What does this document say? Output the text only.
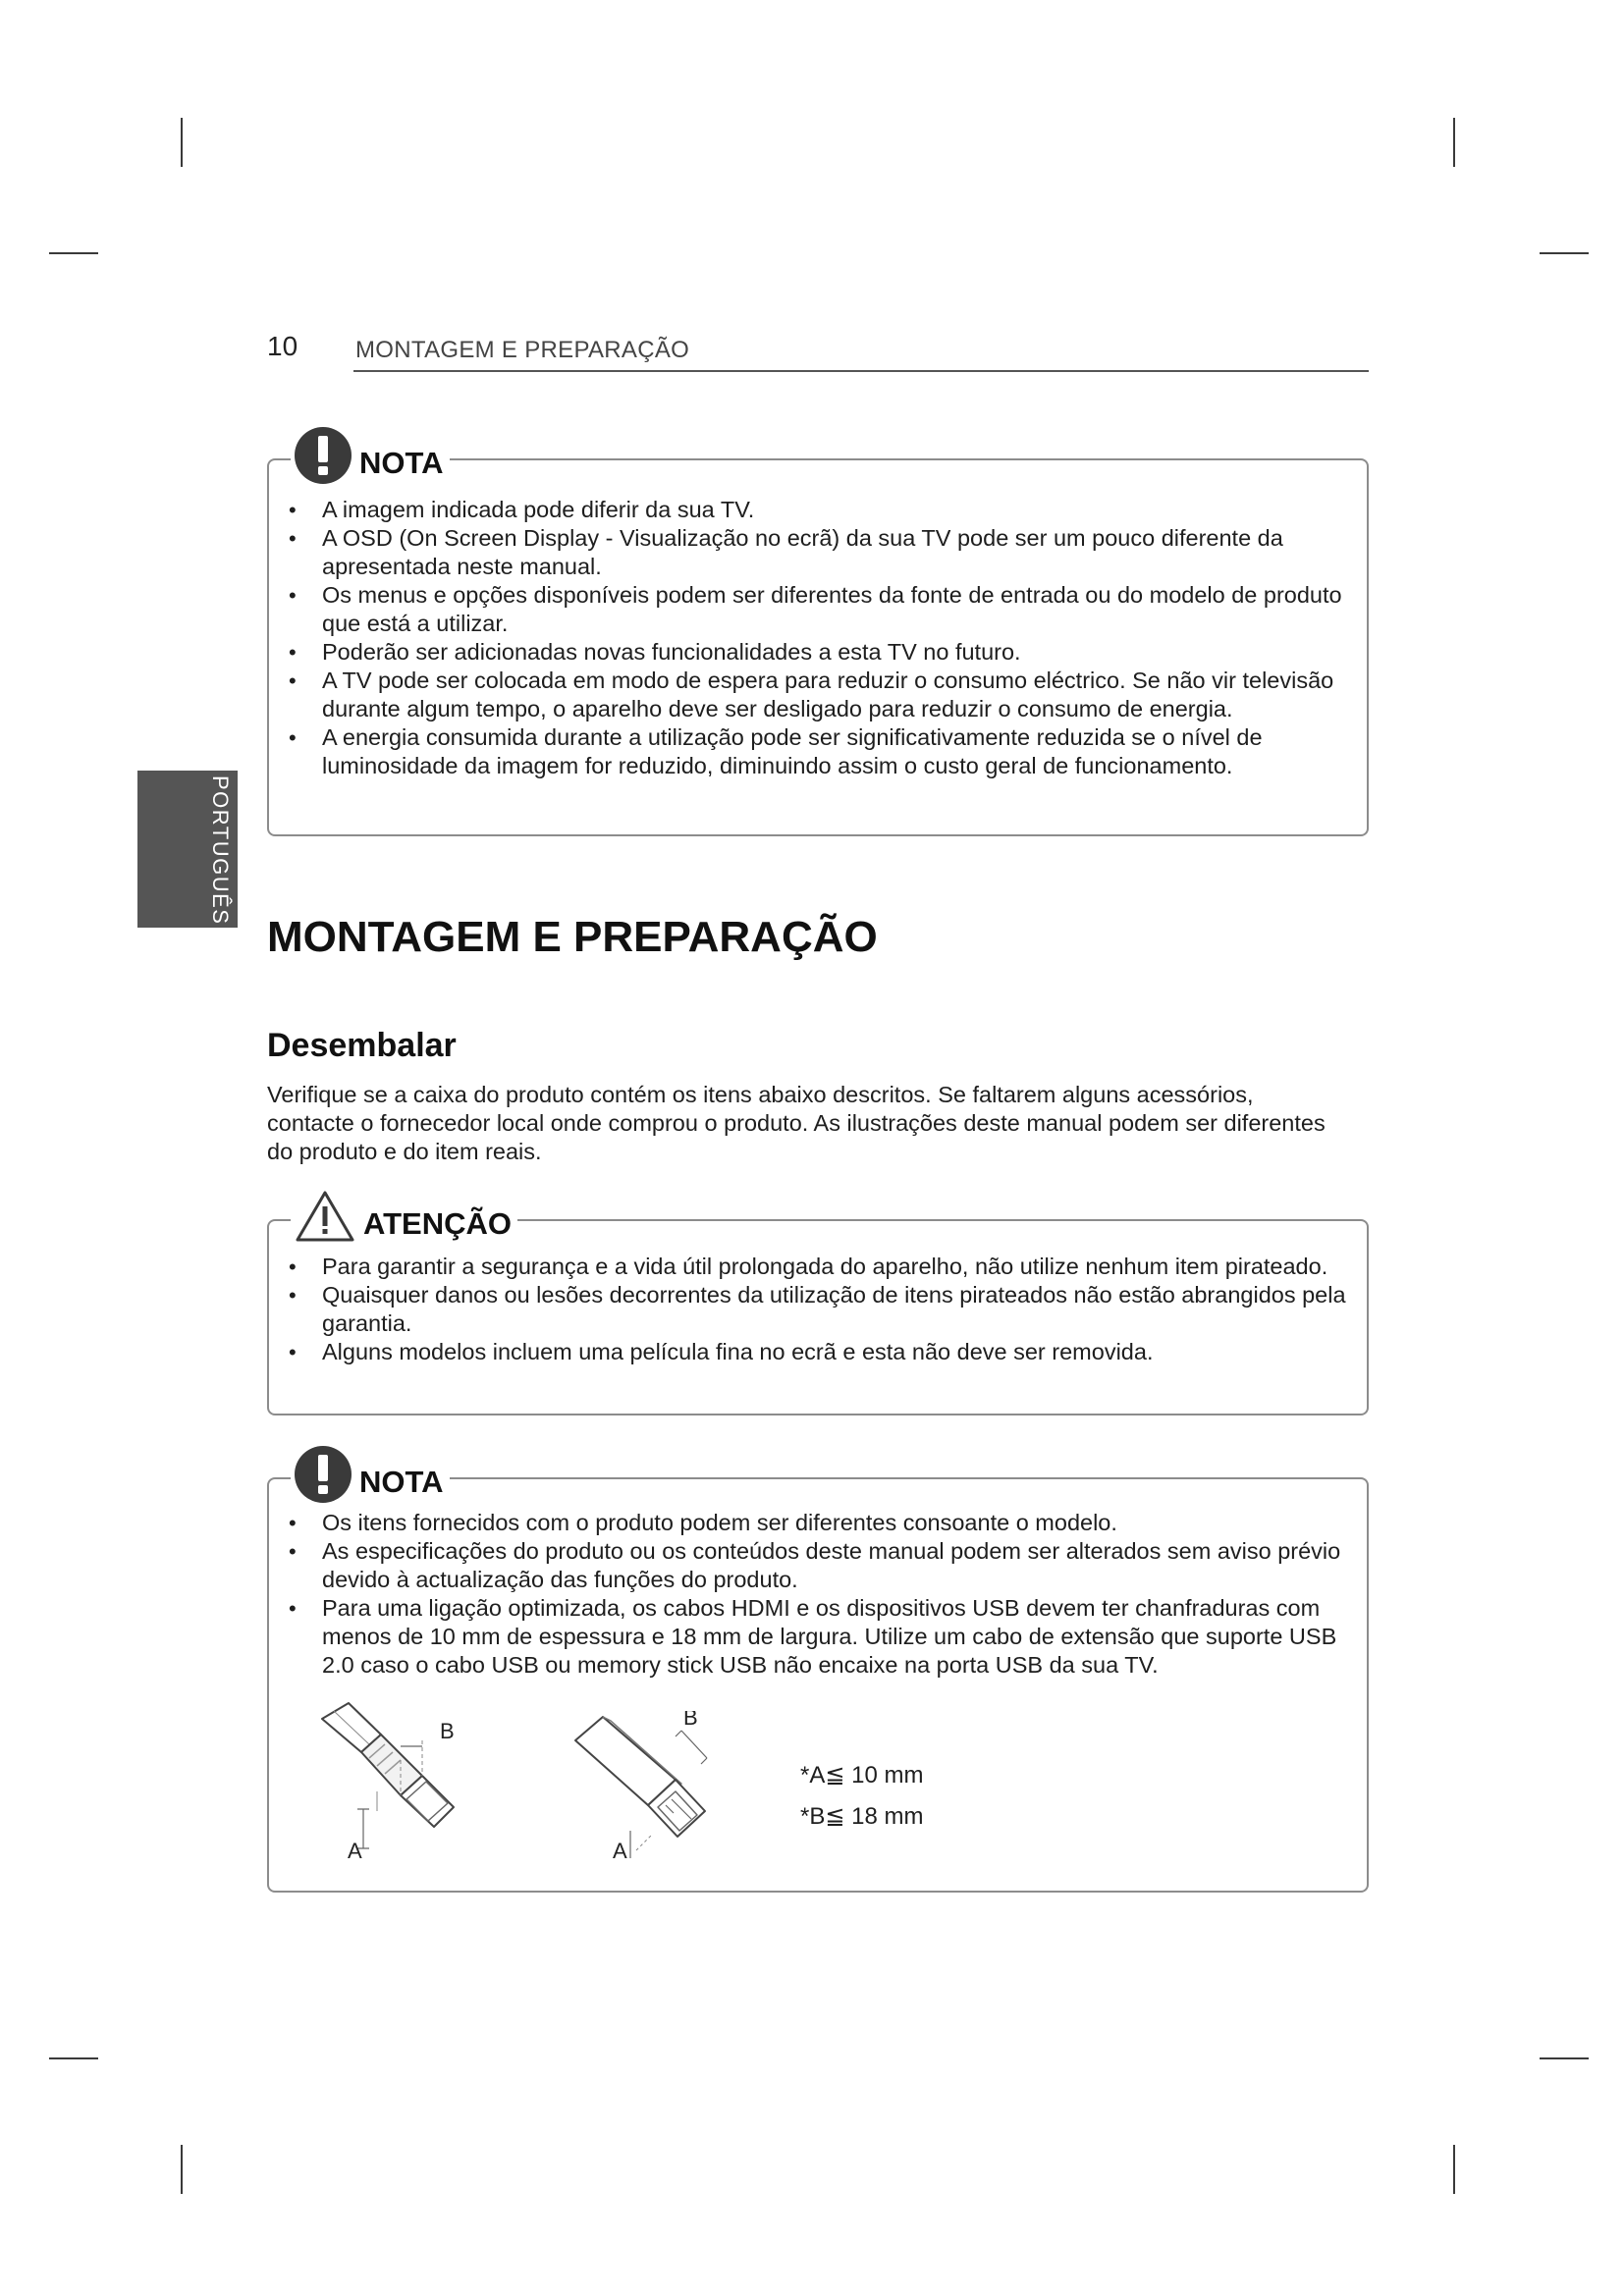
10 MONTAGEM E PREPARAÇÃO
PORTUGUÊS
NOTA
• A imagem indicada pode diferir da sua TV.
• A OSD (On Screen Display - Visualização no ecrã) da sua TV pode ser um pouco diferente da apresentada neste manual.
• Os menus e opções disponíveis podem ser diferentes da fonte de entrada ou do modelo de produto que está a utilizar.
• Poderão ser adicionadas novas funcionalidades a esta TV no futuro.
• A TV pode ser colocada em modo de espera para reduzir o consumo eléctrico. Se não vir televisão durante algum tempo, o aparelho deve ser desligado para reduzir o consumo de energia.
• A energia consumida durante a utilização pode ser significativamente reduzida se o nível de luminosidade da imagem for reduzido, diminuindo assim o custo geral de funcionamento.
MONTAGEM E PREPARAÇÃO
Desembalar

Verifique se a caixa do produto contém os itens abaixo descritos. Se faltarem alguns acessórios, contacte o fornecedor local onde comprou o produto. As ilustrações deste manual podem ser diferentes do produto e do item reais.

ATENÇÃO
• Para garantir a segurança e a vida útil prolongada do aparelho, não utilize nenhum item pirateado.
• Quaisquer danos ou lesões decorrentes da utilização de itens pirateados não estão abrangidos pela garantia.
• Alguns modelos incluem uma película fina no ecrã e esta não deve ser removida.
NOTA
• Os itens fornecidos com o produto podem ser diferentes consoante o modelo.
• As especificações do produto ou os conteúdos deste manual podem ser alterados sem aviso prévio devido à actualização das funções do produto.
• Para uma ligação optimizada, os cabos HDMI e os dispositivos USB devem ter chanfraduras com menos de 10 mm de espessura e 18 mm de largura. Utilize um cabo de extensão que suporte USB 2.0 caso o cabo USB ou memory stick USB não encaixe na porta USB da sua TV.
A
B
B
A
*A≦ 10 mm
*B≦ 18 mm
